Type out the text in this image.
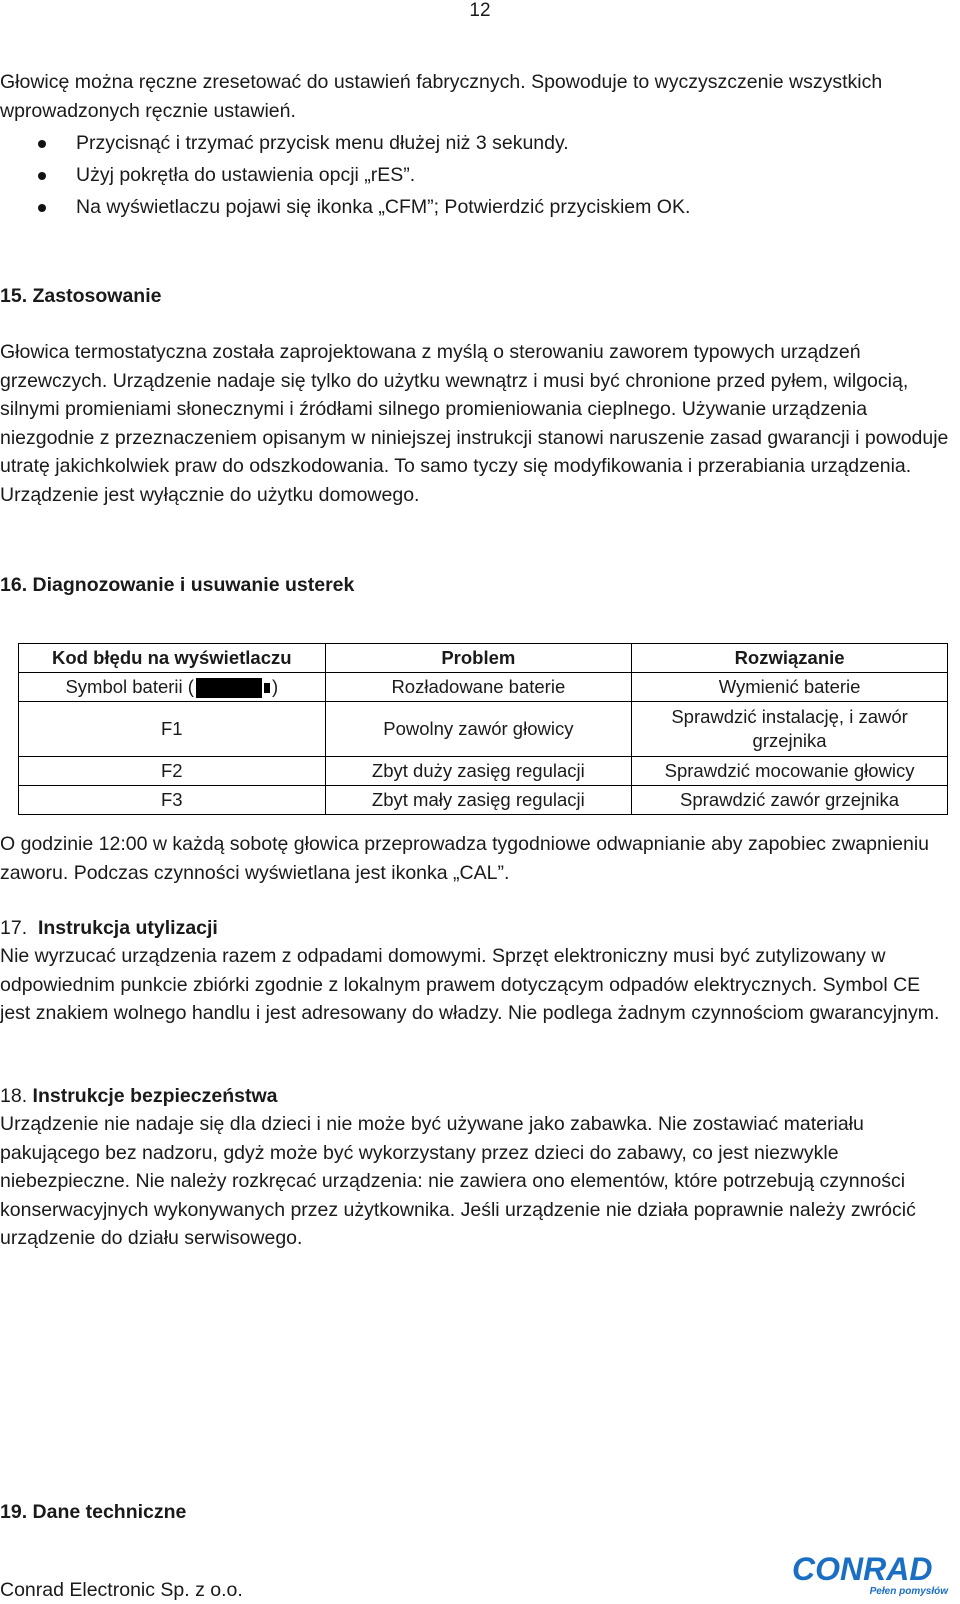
12
Głowicę można ręczne zresetować do ustawień fabrycznych. Spowoduje to wyczyszczenie wszystkich wprowadzonych ręcznie ustawień.
Przycisnąć i trzymać przycisk menu dłużej niż 3 sekundy.
Użyj pokrętła do ustawienia opcji „rES”.
Na wyświetlaczu pojawi się ikonka „CFM”; Potwierdzić przyciskiem OK.
15. Zastosowanie
Głowica termostatyczna została zaprojektowana z myślą o sterowaniu zaworem typowych urządzeń grzewczych. Urządzenie nadaje się tylko do użytku wewnątrz i musi być chronione przed pyłem, wilgocią, silnymi promieniami słonecznymi i źródłami silnego promieniowania cieplnego. Używanie urządzenia niezgodnie z przeznaczeniem opisanym w niniejszej instrukcji stanowi naruszenie zasad gwarancji i powoduje utratę jakichkolwiek praw do odszkodowania. To samo tyczy się modyfikowania i przerabiania urządzenia. Urządzenie jest wyłącznie do użytku domowego.
16. Diagnozowanie i usuwanie usterek
Kod błędu na wyświetlaczu	Problem	Rozwiązanie
Symbol baterii ( )	Rozładowane baterie	Wymienić baterie
F1	Powolny zawór głowicy	Sprawdzić instalację, i zawór grzejnika
F2	Zbyt duży zasięg regulacji	Sprawdzić mocowanie głowicy
F3	Zbyt mały zasięg regulacji	Sprawdzić zawór grzejnika
O godzinie 12:00 w każdą sobotę głowica przeprowadza tygodniowe odwapnianie aby zapobiec zwapnieniu zaworu. Podczas czynności wyświetlana jest ikonka „CAL”.
17. Instrukcja utylizacji
Nie wyrzucać urządzenia razem z odpadami domowymi. Sprzęt elektroniczny musi być zutylizowany w odpowiednim punkcie zbiórki zgodnie z lokalnym prawem dotyczącym odpadów elektrycznych. Symbol CE jest znakiem wolnego handlu i jest adresowany do władzy. Nie podlega żadnym czynnościom gwarancyjnym.
18. Instrukcje bezpieczeństwa
Urządzenie nie nadaje się dla dzieci i nie może być używane jako zabawka. Nie zostawiać materiału pakującego bez nadzoru, gdyż może być wykorzystany przez dzieci do zabawy, co jest niezwykle niebezpieczne. Nie należy rozkręcać urządzenia: nie zawiera ono elementów, które potrzebują czynności konserwacyjnych wykonywanych przez użytkownika. Jeśli urządzenie nie działa poprawnie należy zwrócić urządzenie do działu serwisowego.
19. Dane techniczne
Conrad Electronic Sp. z o.o.
CONRAD
Pełen pomysłów
